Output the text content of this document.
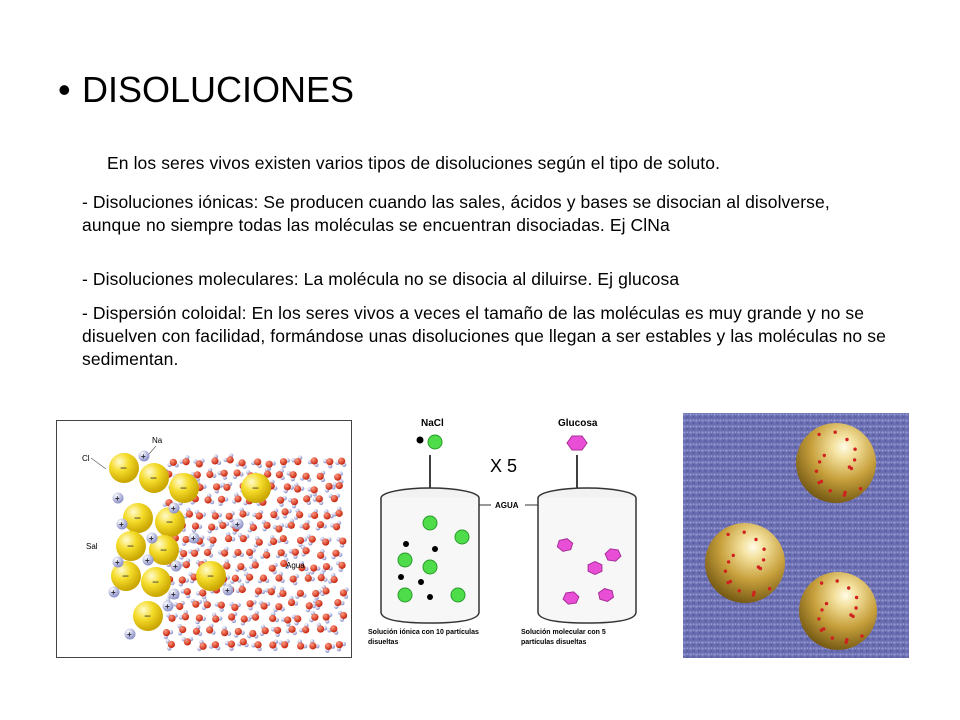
• DISOLUCIONES
En los seres vivos existen varios tipos de disoluciones según el tipo de soluto.
- Disoluciones iónicas: Se producen cuando las sales, ácidos y bases se disocian al disolverse, aunque no siempre todas las moléculas se encuentran disociadas. Ej ClNa
- Disoluciones moleculares: La molécula no se disocia al diluirse. Ej glucosa
- Dispersión coloidal: En los seres vivos a veces el tamaño de las moléculas es muy grande y no se disuelven con facilidad, formándose unas disoluciones que llegan a ser estables y las moléculas no se sedimentan.
−
−
−
− −
− −
− −	−
−
−
+
+
+
+
+
+	+
+
+	+
+
+
+
+
+
Cl
Na
Sal
Agua
NaCl	Glucosa
X 5
AGUA
Solución iónica con 10 partículas
disueltas
Solución molecular con 5
partículas disueltas
